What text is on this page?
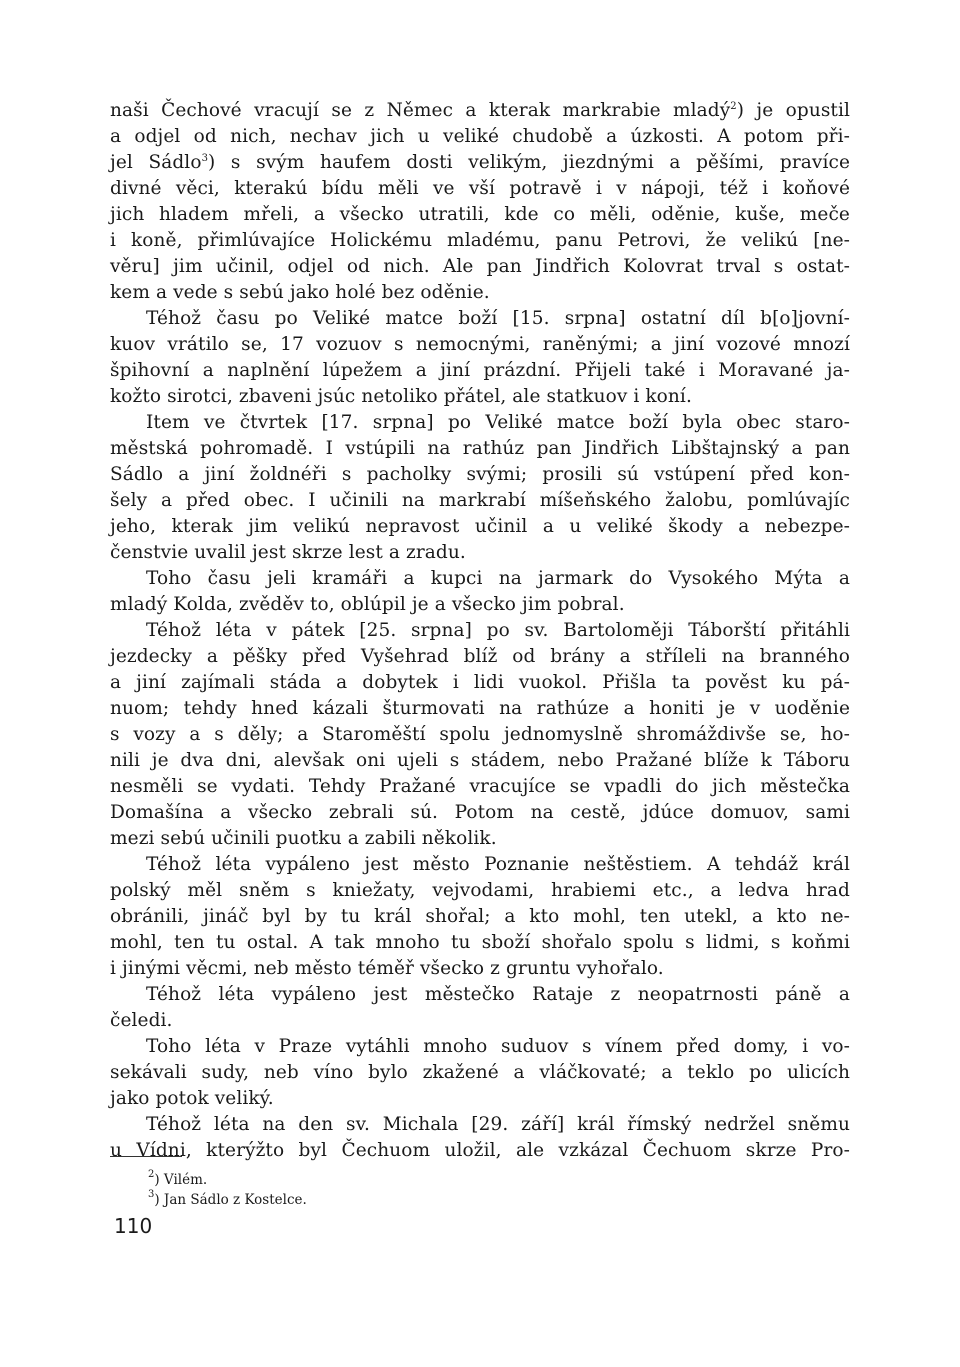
naši Čechové vracují se z Němec a kterak markrabie mladý$^2$) je opustil
a odjel od nich, nechav jich u veliké chudobě a úzkosti. A potom při-
jel Sádlo$^3$) s svým haufem dosti velikým, jiezdnými a pěšími, pravíce
divné věci, kterakú bídu měli ve vší potravě i v nápoji, též i koňové
jich hladem mřeli, a všecko utratili, kde co měli, oděnie, kuše, meče
i koně, přimlúvajíce Holickému mladému, panu Petrovi, že velikú [ne-
věru] jim učinil, odjel od nich. Ale pan Jindřich Kolovrat trval s ostat-
kem a vede s sebú jako holé bez oděnie.
Téhož času po Veliké matce boží [15. srpna] ostatní díl b[o]jovní-
kuov vrátilo se, 17 vozuov s nemocnými, raněnými; a jiní vozové mnozí
špihovní a naplnění lúpežem a jiní prázdní. Přijeli také i Moravané ja-
kožto sirotci, zbaveni jsúc netoliko přátel, ale statkuov i koní.
Item ve čtvrtek [17. srpna] po Veliké matce boží byla obec staro-
městská pohromadě. I vstúpili na rathúz pan Jindřich Libštajnský a pan
Sádlo a jiní žoldnéři s pacholky svými; prosili sú vstúpení před kon-
šely a před obec. I učinili na markrabí míšeňského žalobu, pomlúvajíc
jeho, kterak jim velikú nepravost učinil a u veliké škody a nebezpe-
čenstvie uvalil jest skrze lest a zradu.
Toho času jeli kramáři a kupci na jarmark do Vysokého Mýta a
mladý Kolda, zvěděv to, oblúpil je a všecko jim pobral.
Téhož léta v pátek [25. srpna] po sv. Bartoloměji Táborští přitáhli
jezdecky a pěšky před Vyšehrad blíž od brány a stříleli na branného
a jiní zajímali stáda a dobytek i lidi vuokol. Přišla ta pověst ku pá-
nuom; tehdy hned kázali šturmovati na rathúze a honiti je v uoděnie
s vozy a s děly; a Staroměští spolu jednomyslně shromáždivše se, ho-
nili je dva dni, alevšak oni ujeli s stádem, nebo Pražané blíže k Táboru
nesměli se vydati. Tehdy Pražané vracujíce se vpadli do jich městečka
Domašína a všecko zebrali sú. Potom na cestě, jdúce domuov, sami
mezi sebú učinili puotku a zabili několik.
Téhož léta vypáleno jest město Poznanie neštěstiem. A tehdáž král
polský měl sněm s kniežaty, vejvodami, hrabiemi etc., a ledva hrad
obránili, jináč byl by tu král shořal; a kto mohl, ten utekl, a kto ne-
mohl, ten tu ostal. A tak mnoho tu sboží shořalo spolu s lidmi, s koňmi
i jinými věcmi, neb město téměř všecko z gruntu vyhořalo.
Téhož léta vypáleno jest městečko Rataje z neopatrnosti páně a
čeledi.
Toho léta v Praze vytáhli mnoho suduov s vínem před domy, i vo-
sekávali sudy, neb víno bylo zkažené a vláčkovaté; a teklo po ulicích
jako potok veliký.
Téhož léta na den sv. Michala [29. září] král římský nedržel sněmu
u Vídni, kterýžto byl Čechuom uložil, ale vzkázal Čechuom skrze Pro-
$^2$) Vilém.
$^3$) Jan Sádlo z Kostelce.
110
